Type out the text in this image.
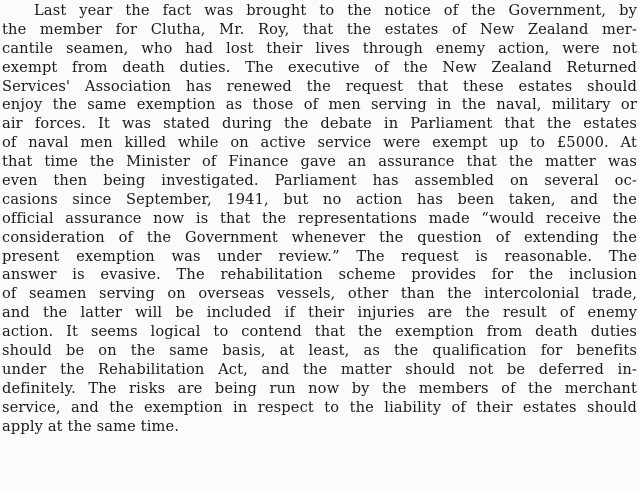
Last year the fact was brought to the notice of the Government, by
the member for Clutha, Mr. Roy, that the estates of New Zealand mer-
cantile seamen, who had lost their lives through enemy action, were not
exempt from death duties. The executive of the New Zealand Returned
Services' Association has renewed the request that these estates should
enjoy the same exemption as those of men serving in the naval, military or
air forces. It was stated during the debate in Parliament that the estates
of naval men killed while on active service were exempt up to £5000. At
that time the Minister of Finance gave an assurance that the matter was
even then being investigated. Parliament has assembled on several oc-
casions since September, 1941, but no action has been taken, and the
official assurance now is that the representations made “would receive the
consideration of the Government whenever the question of extending the
present exemption was under review.” The request is reasonable. The
answer is evasive. The rehabilitation scheme provides for the inclusion
of seamen serving on overseas vessels, other than the intercolonial trade,
and the latter will be included if their injuries are the result of enemy
action. It seems logical to contend that the exemption from death duties
should be on the same basis, at least, as the qualification for benefits
under the Rehabilitation Act, and the matter should not be deferred in-
definitely. The risks are being run now by the members of the merchant
service, and the exemption in respect to the liability of their estates should
apply at the same time.
